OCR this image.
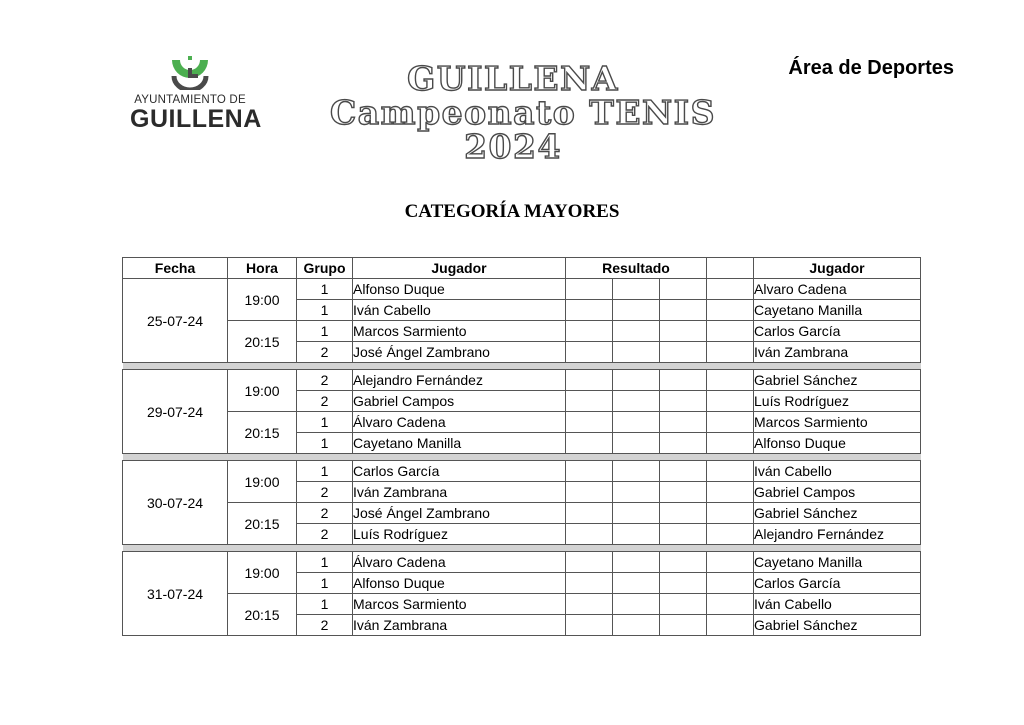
AYUNTAMIENTO DE
GUILLENA
Área de Deportes
GUILLENA
Campeonato TENIS
2024
CATEGORÍA MAYORES
Fecha	Hora	Grupo	Jugador	Resultado				Jugador
25-07-24	19:00	1	Alfonso Duque					Alvaro Cadena
		1	Iván Cabello					Cayetano Manilla
	20:15	1	Marcos Sarmiento					Carlos García
		2	José Ángel Zambrano					Iván Zambrana

29-07-24	19:00	2	Alejandro Fernández					Gabriel Sánchez
		2	Gabriel Campos					Luís Rodríguez
	20:15	1	Álvaro Cadena					Marcos Sarmiento
		1	Cayetano Manilla					Alfonso Duque

30-07-24	19:00	1	Carlos García					Iván Cabello
		2	Iván Zambrana					Gabriel Campos
	20:15	2	José Ángel Zambrano					Gabriel Sánchez
		2	Luís Rodríguez					Alejandro Fernández

31-07-24	19:00	1	Álvaro Cadena					Cayetano Manilla
		1	Alfonso Duque					Carlos García
	20:15	1	Marcos Sarmiento					Iván Cabello
		2	Iván Zambrana					Gabriel Sánchez
